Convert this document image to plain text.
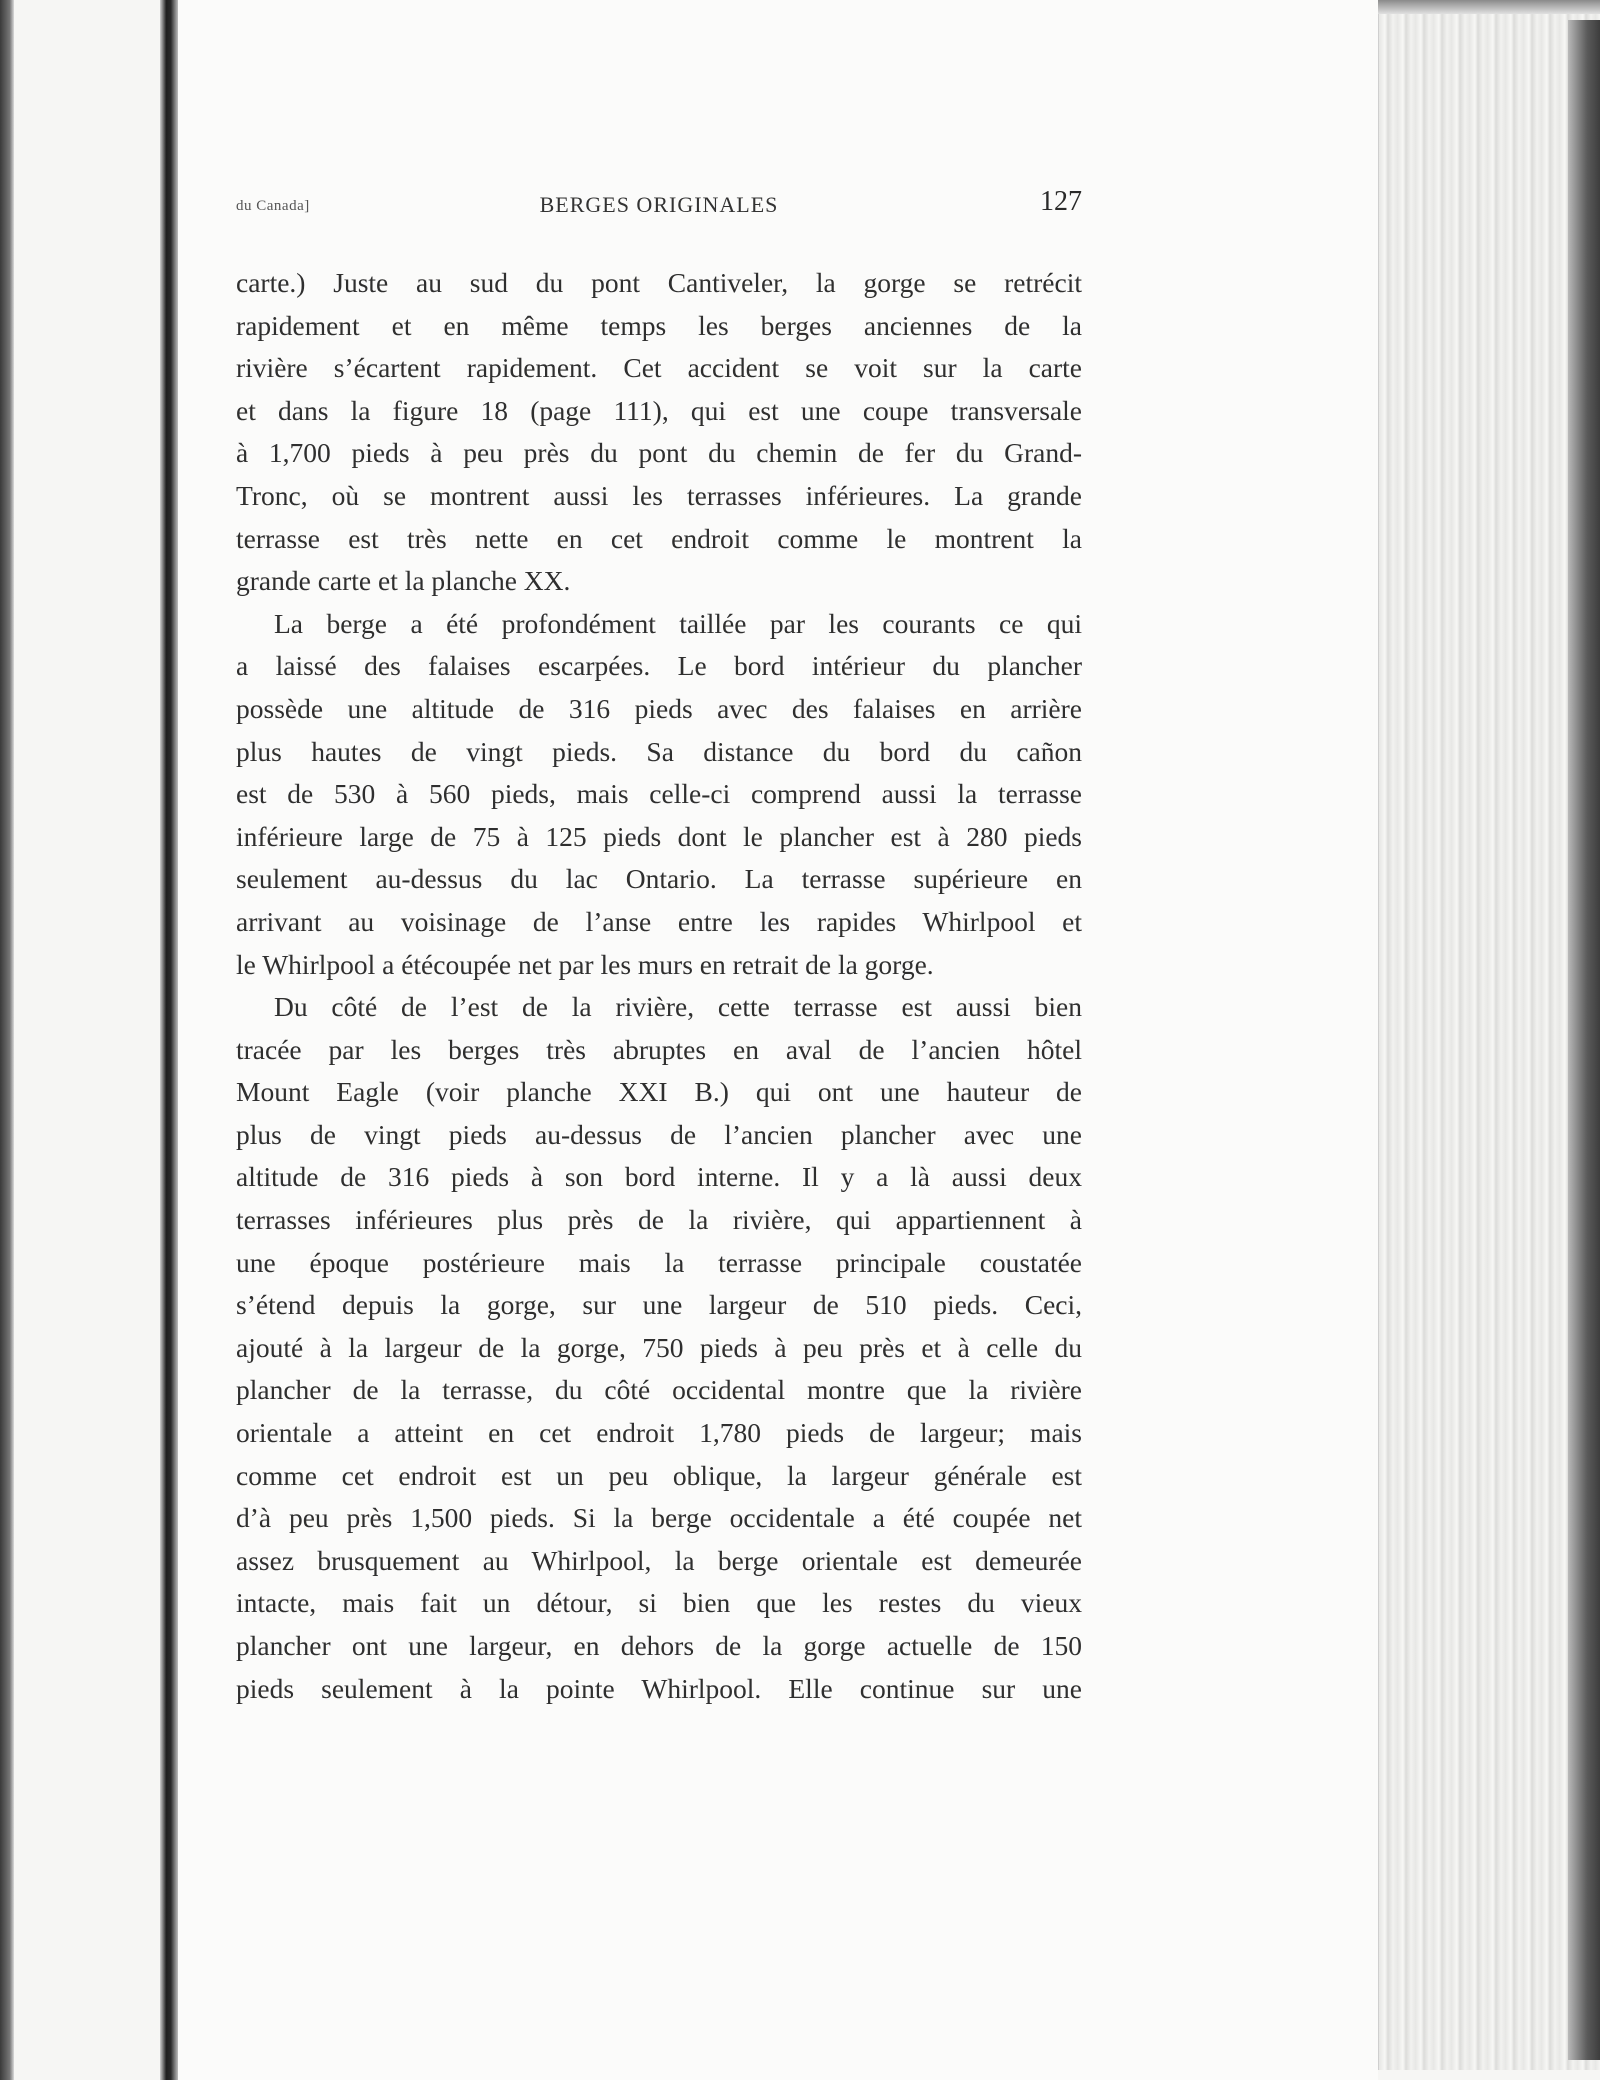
du Canada]	BERGES ORIGINALES	127
carte.) Juste au sud du pont Cantiveler, la gorge se retrécit
rapidement et en même temps les berges anciennes de la
rivière s’écartent rapidement. Cet accident se voit sur la carte
et dans la figure 18 (page 111), qui est une coupe transversale
à 1,700 pieds à peu près du pont du chemin de fer du Grand-
Tronc, où se montrent aussi les terrasses inférieures. La grande
terrasse est très nette en cet endroit comme le montrent la
grande carte et la planche XX.
La berge a été profondément taillée par les courants ce qui
a laissé des falaises escarpées. Le bord intérieur du plancher
possède une altitude de 316 pieds avec des falaises en arrière
plus hautes de vingt pieds. Sa distance du bord du cañon
est de 530 à 560 pieds, mais celle-ci comprend aussi la terrasse
inférieure large de 75 à 125 pieds dont le plancher est à 280 pieds
seulement au-dessus du lac Ontario. La terrasse supérieure en
arrivant au voisinage de l’anse entre les rapides Whirlpool et
le Whirlpool a étécoupée net par les murs en retrait de la gorge.
Du côté de l’est de la rivière, cette terrasse est aussi bien
tracée par les berges très abruptes en aval de l’ancien hôtel
Mount Eagle (voir planche XXI B.) qui ont une hauteur de
plus de vingt pieds au-dessus de l’ancien plancher avec une
altitude de 316 pieds à son bord interne. Il y a là aussi deux
terrasses inférieures plus près de la rivière, qui appartiennent à
une époque postérieure mais la terrasse principale coustatée
s’étend depuis la gorge, sur une largeur de 510 pieds. Ceci,
ajouté à la largeur de la gorge, 750 pieds à peu près et à celle du
plancher de la terrasse, du côté occidental montre que la rivière
orientale a atteint en cet endroit 1,780 pieds de largeur; mais
comme cet endroit est un peu oblique, la largeur générale est
d’à peu près 1,500 pieds. Si la berge occidentale a été coupée net
assez brusquement au Whirlpool, la berge orientale est demeurée
intacte, mais fait un détour, si bien que les restes du vieux
plancher ont une largeur, en dehors de la gorge actuelle de 150
pieds seulement à la pointe Whirlpool. Elle continue sur une
